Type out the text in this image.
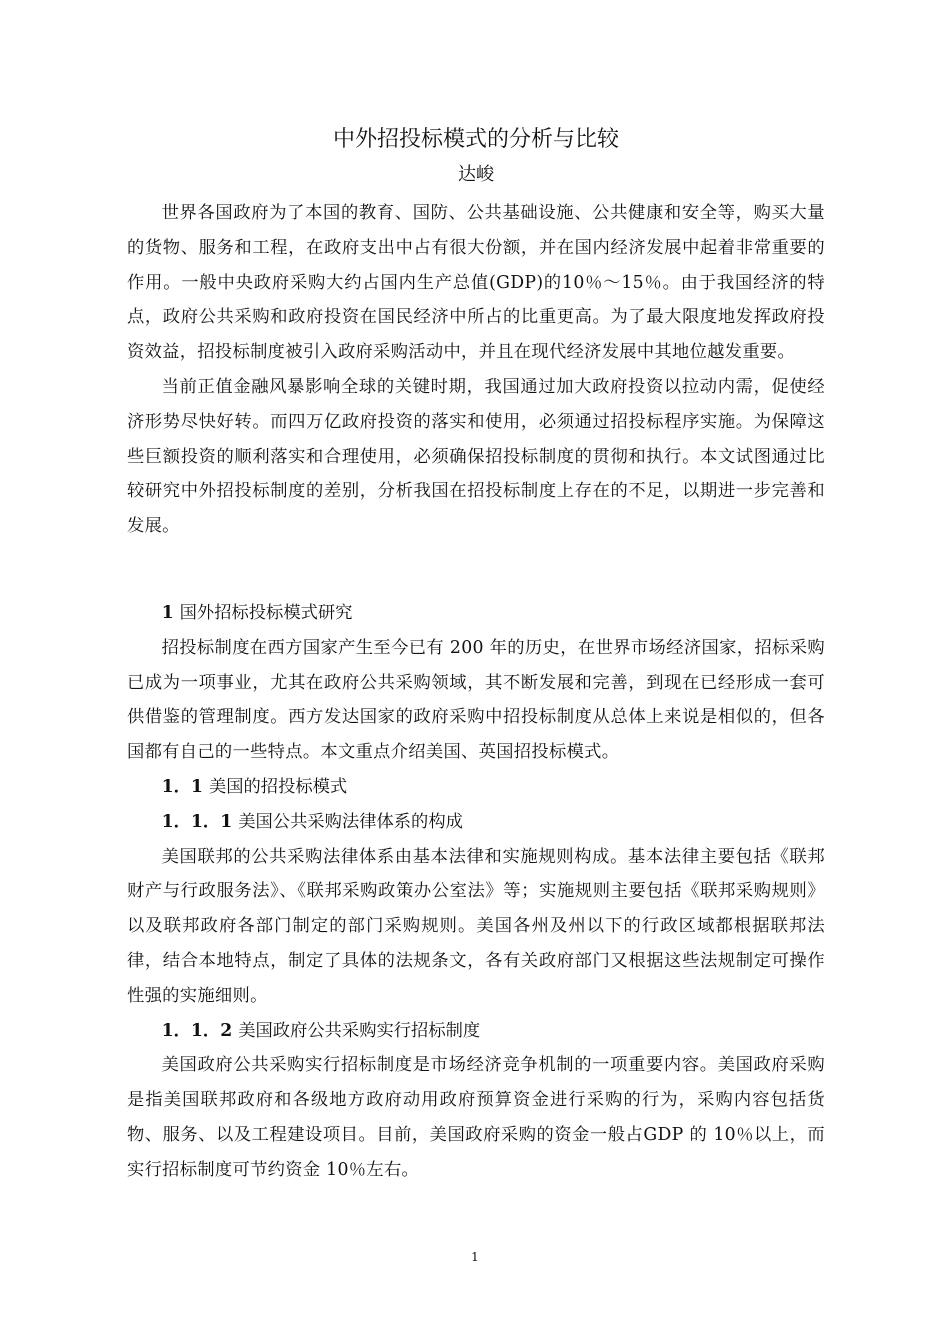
中外招投标模式的分析与比较
达峻

世界各国政府为了本国的教育、国防、公共基础设施、公共健康和安全等，购买大量的货物、服务和工程，在政府支出中占有很大份额，并在国内经济发展中起着非常重要的作用。一般中央政府采购大约占国内生产总值(GDP)的10％～15％。由于我国经济的特点，政府公共采购和政府投资在国民经济中所占的比重更高。为了最大限度地发挥政府投资效益，招投标制度被引入政府采购活动中，并且在现代经济发展中其地位越发重要。

当前正值金融风暴影响全球的关键时期，我国通过加大政府投资以拉动内需，促使经济形势尽快好转。而四万亿政府投资的落实和使用，必须通过招投标程序实施。为保障这些巨额投资的顺利落实和合理使用，必须确保招投标制度的贯彻和执行。本文试图通过比较研究中外招投标制度的差别，分析我国在招投标制度上存在的不足，以期进一步完善和发展。

1 国外招标投标模式研究

招投标制度在西方国家产生至今已有 200 年的历史，在世界市场经济国家，招标采购已成为一项事业，尤其在政府公共采购领域，其不断发展和完善，到现在已经形成一套可供借鉴的管理制度。西方发达国家的政府采购中招投标制度从总体上来说是相似的，但各国都有自己的一些特点。本文重点介绍美国、英国招投标模式。

1．1 美国的招投标模式
1．1．1 美国公共采购法律体系的构成

美国联邦的公共采购法律体系由基本法律和实施规则构成。基本法律主要包括《联邦财产与行政服务法》、《联邦采购政策办公室法》等；实施规则主要包括《联邦采购规则》以及联邦政府各部门制定的部门采购规则。美国各州及州以下的行政区域都根据联邦法律，结合本地特点，制定了具体的法规条文，各有关政府部门又根据这些法规制定可操作性强的实施细则。

1．1．2 美国政府公共采购实行招标制度

美国政府公共采购实行招标制度是市场经济竞争机制的一项重要内容。美国政府采购是指美国联邦政府和各级地方政府动用政府预算资金进行采购的行为，采购内容包括货物、服务、以及工程建设项目。目前，美国政府采购的资金一般占GDP 的 10％以上，而实行招标制度可节约资金 10％左右。

1
